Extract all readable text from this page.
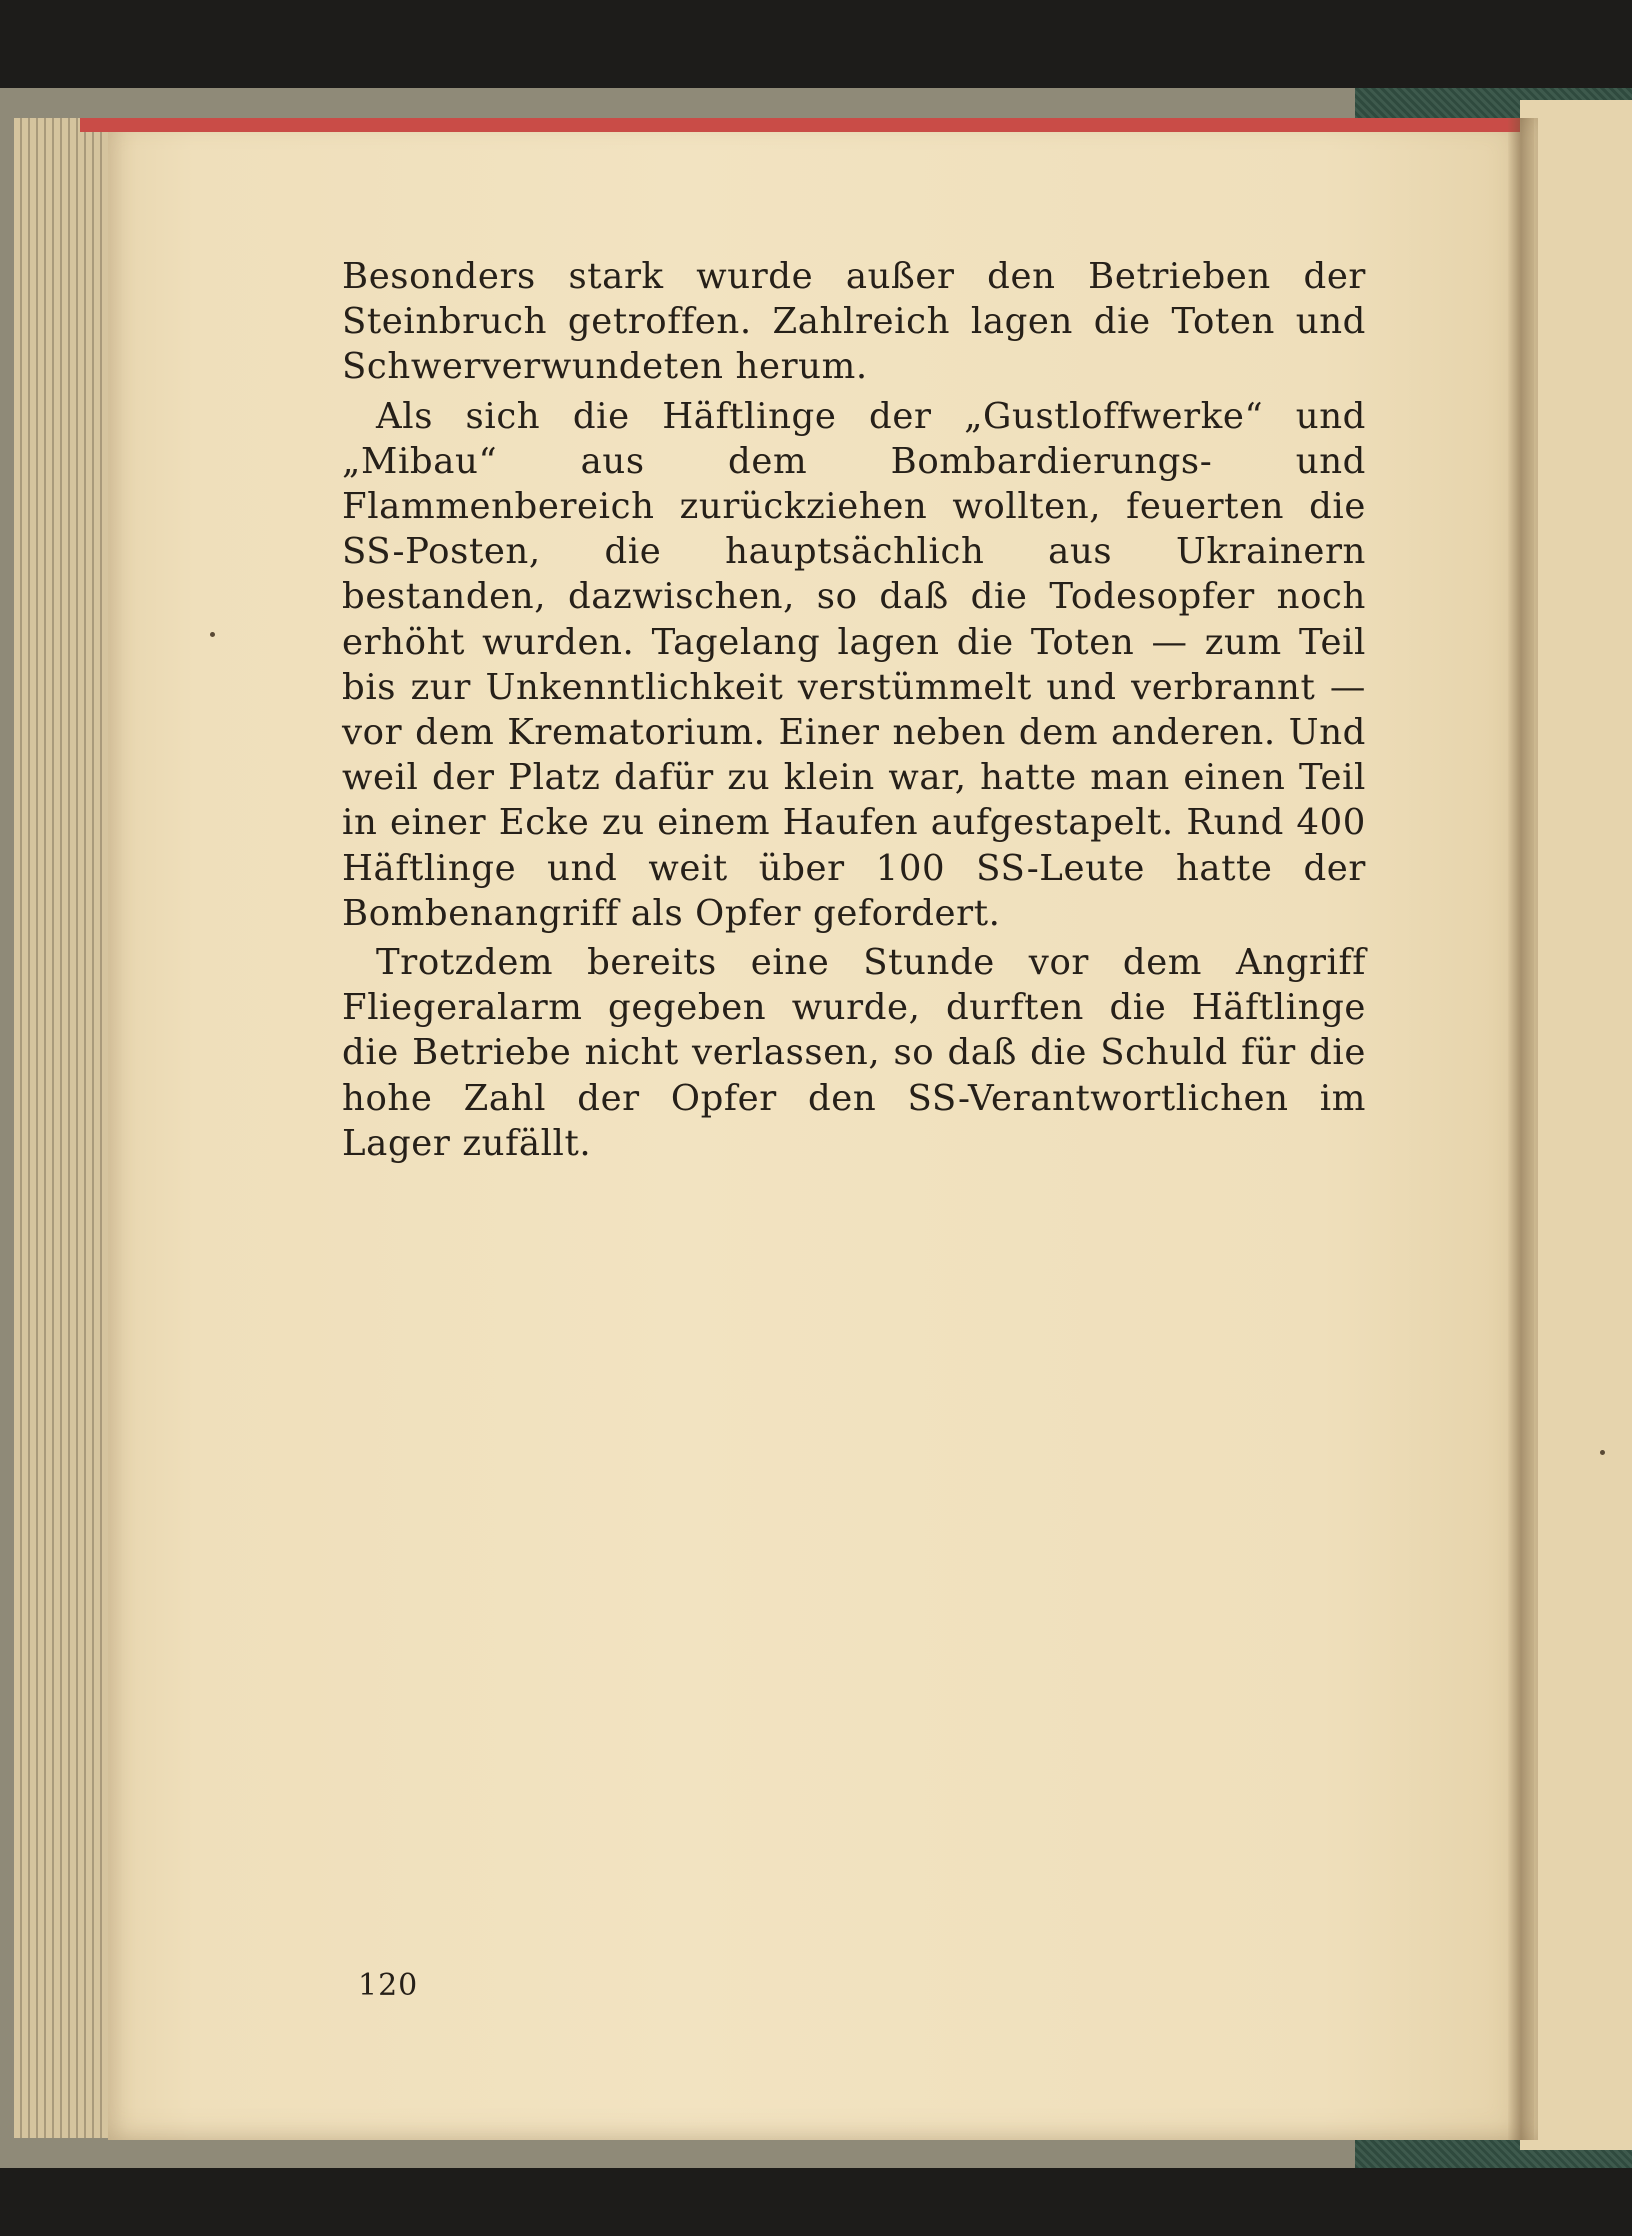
Besonders stark wurde außer den Betrieben der Steinbruch getroffen. Zahlreich lagen die Toten und Schwerverwundeten herum.

Als sich die Häftlinge der „Gustloffwerke“ und „Mibau“ aus dem Bombardierungs- und Flammenbereich zurückziehen wollten, feuerten die SS-Posten, die hauptsächlich aus Ukrainern bestanden, dazwischen, so daß die Todesopfer noch erhöht wurden. Tagelang lagen die Toten — zum Teil bis zur Unkenntlichkeit verstümmelt und verbrannt — vor dem Krematorium. Einer neben dem anderen. Und weil der Platz dafür zu klein war, hatte man einen Teil in einer Ecke zu einem Haufen aufgestapelt. Rund 400 Häftlinge und weit über 100 SS-Leute hatte der Bombenangriff als Opfer gefordert.

Trotzdem bereits eine Stunde vor dem Angriff Fliegeralarm gegeben wurde, durften die Häftlinge die Betriebe nicht verlassen, so daß die Schuld für die hohe Zahl der Opfer den SS-Verantwortlichen im Lager zufällt.

120
